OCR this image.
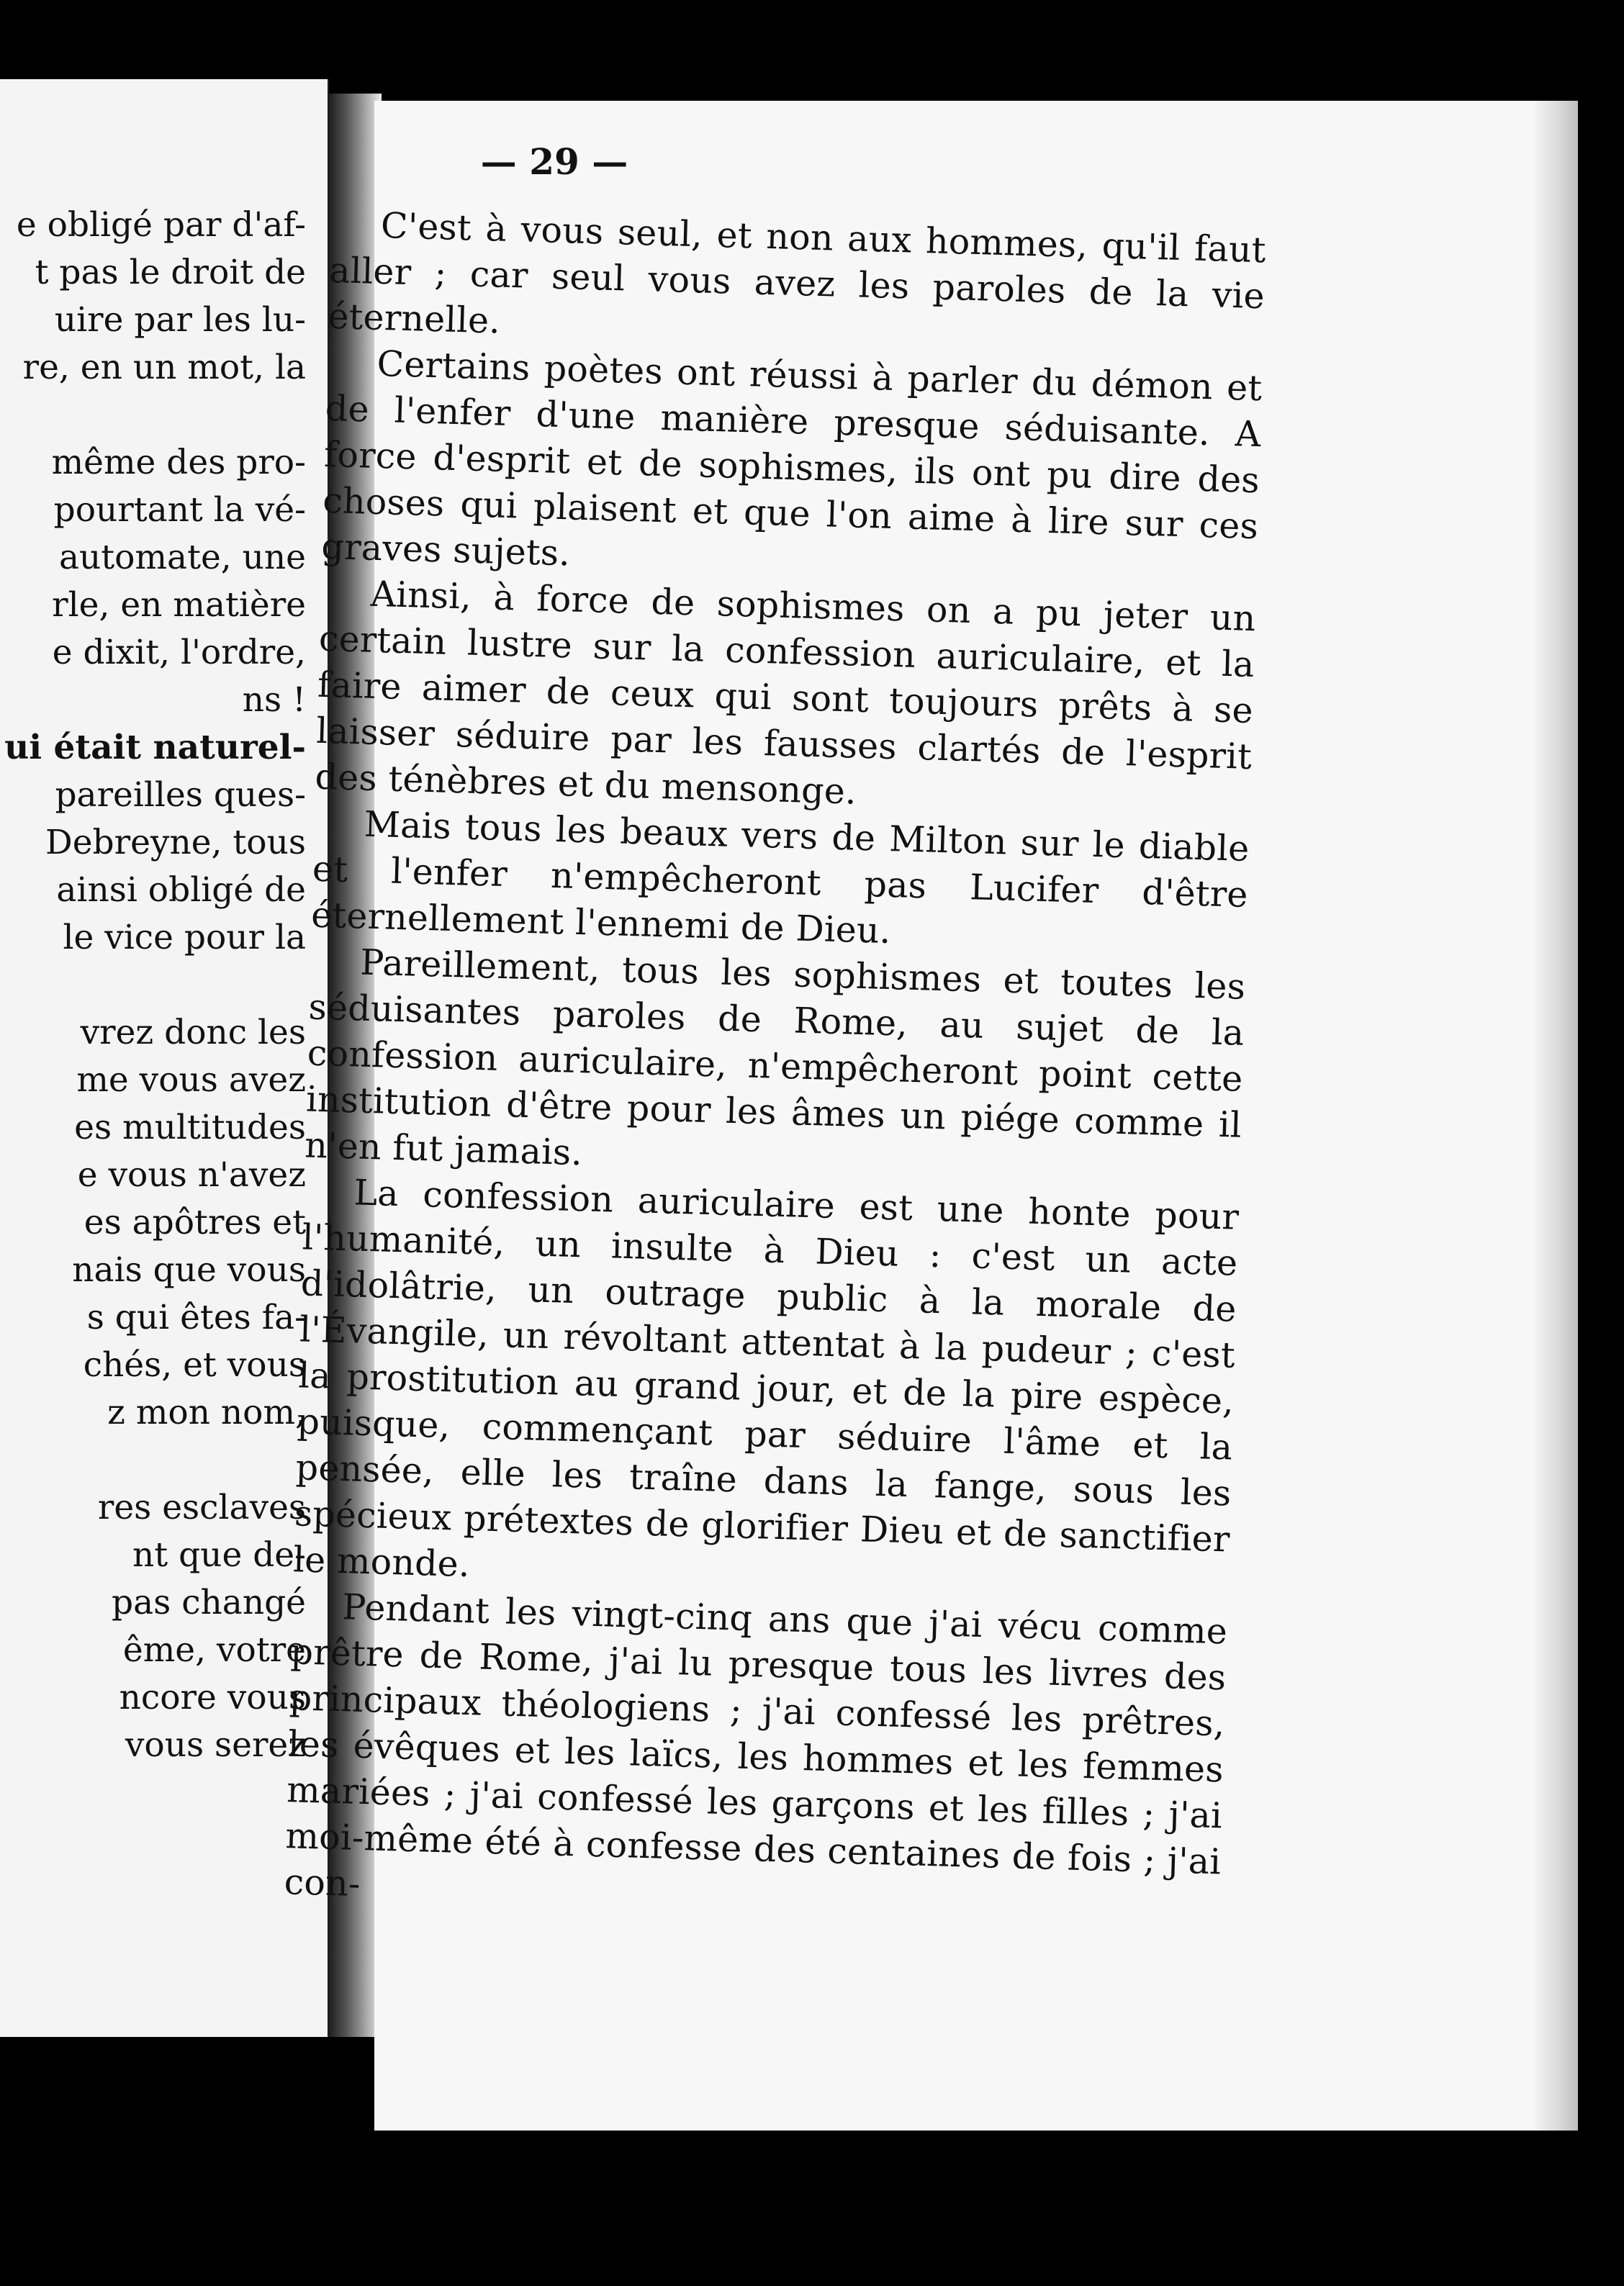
e obligé par d'af-
t pas le droit de
uire par les lu-
re, en un mot, la
même des pro-
pourtant la vé-
automate, une
rle, en matière
e dixit, l'ordre,
ns !
ui était naturel-
pareilles ques-
Debreyne, tous
ainsi obligé de
le vice pour la
vrez donc les
me vous avez
es multitudes
e vous n'avez
es apôtres et
nais que vous
s qui êtes fa-
chés, et vous
z mon nom,
res esclaves
nt que de-
pas changé
ême, votre
ncore vous
vous serez
— 29 —

C'est à vous seul, et non aux hommes, qu'il faut aller ; car seul vous avez les paroles de la vie éternelle.

Certains poètes ont réussi à parler du démon et de l'enfer d'une manière presque séduisante. A force d'esprit et de sophismes, ils ont pu dire des choses qui plaisent et que l'on aime à lire sur ces graves sujets.

Ainsi, à force de sophismes on a pu jeter un certain lustre sur la confession auriculaire, et la faire aimer de ceux qui sont toujours prêts à se laisser séduire par les fausses clartés de l'esprit des ténèbres et du mensonge.

Mais tous les beaux vers de Milton sur le diable et l'enfer n'empêcheront pas Lucifer d'être éternellement l'ennemi de Dieu.

Pareillement, tous les sophismes et toutes les séduisantes paroles de Rome, au sujet de la confession auriculaire, n'empêcheront point cette institution d'être pour les âmes un piége comme il n'en fut jamais.

La confession auriculaire est une honte pour l'humanité, un insulte à Dieu : c'est un acte d'idolâtrie, un outrage public à la morale de l'Évangile, un révoltant attentat à la pudeur ; c'est la prostitution au grand jour, et de la pire espèce, puisque, commençant par séduire l'âme et la pensée, elle les traîne dans la fange, sous les spécieux prétextes de glorifier Dieu et de sanctifier le monde.

Pendant les vingt-cinq ans que j'ai vécu comme prêtre de Rome, j'ai lu presque tous les livres des principaux théologiens ; j'ai confessé les prêtres, les évêques et les laïcs, les hommes et les femmes mariées ; j'ai confessé les garçons et les filles ; j'ai moi-même été à confesse des centaines de fois ; j'ai con-
